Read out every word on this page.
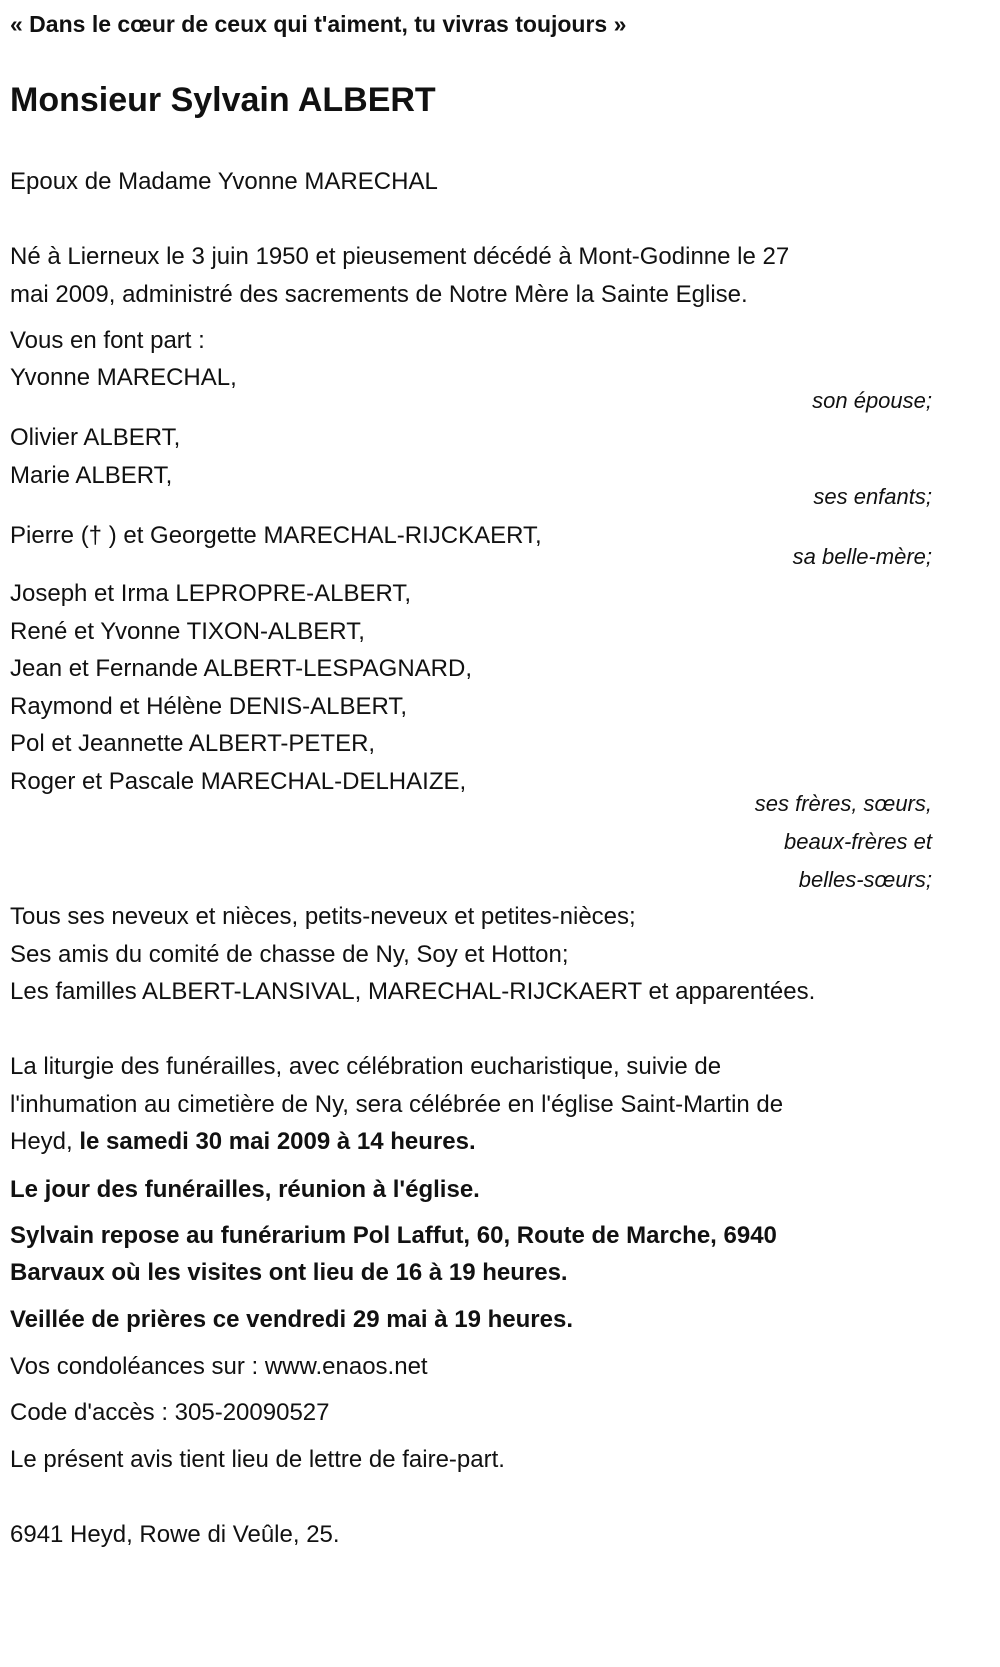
« Dans le cœur de ceux qui t'aiment, tu vivras toujours »
Monsieur Sylvain ALBERT
Epoux de Madame Yvonne MARECHAL
Né à Lierneux le 3 juin 1950 et pieusement décédé à Mont-Godinne le 27
mai 2009, administré des sacrements de Notre Mère la Sainte Eglise.
Vous en font part :
Yvonne MARECHAL,
son épouse;
Olivier ALBERT,
Marie ALBERT,
ses enfants;
Pierre († ) et Georgette MARECHAL-RIJCKAERT,
sa belle-mère;
Joseph et Irma LEPROPRE-ALBERT,
René et Yvonne TIXON-ALBERT,
Jean et Fernande ALBERT-LESPAGNARD,
Raymond et Hélène DENIS-ALBERT,
Pol et Jeannette ALBERT-PETER,
Roger et Pascale MARECHAL-DELHAIZE,
ses frères, sœurs,
beaux-frères et
belles-sœurs;
Tous ses neveux et nièces, petits-neveux et petites-nièces;
Ses amis du comité de chasse de Ny, Soy et Hotton;
Les familles ALBERT-LANSIVAL, MARECHAL-RIJCKAERT et apparentées.
La liturgie des funérailles, avec célébration eucharistique, suivie de
l'inhumation au cimetière de Ny, sera célébrée en l'église Saint-Martin de
Heyd, le samedi 30 mai 2009 à 14 heures.
Le jour des funérailles, réunion à l'église.
Sylvain repose au funérarium Pol Laffut, 60, Route de Marche, 6940
Barvaux où les visites ont lieu de 16 à 19 heures.
Veillée de prières ce vendredi 29 mai à 19 heures.
Vos condoléances sur : www.enaos.net
Code d'accès : 305-20090527
Le présent avis tient lieu de lettre de faire-part.
6941 Heyd, Rowe di Veûle, 25.
